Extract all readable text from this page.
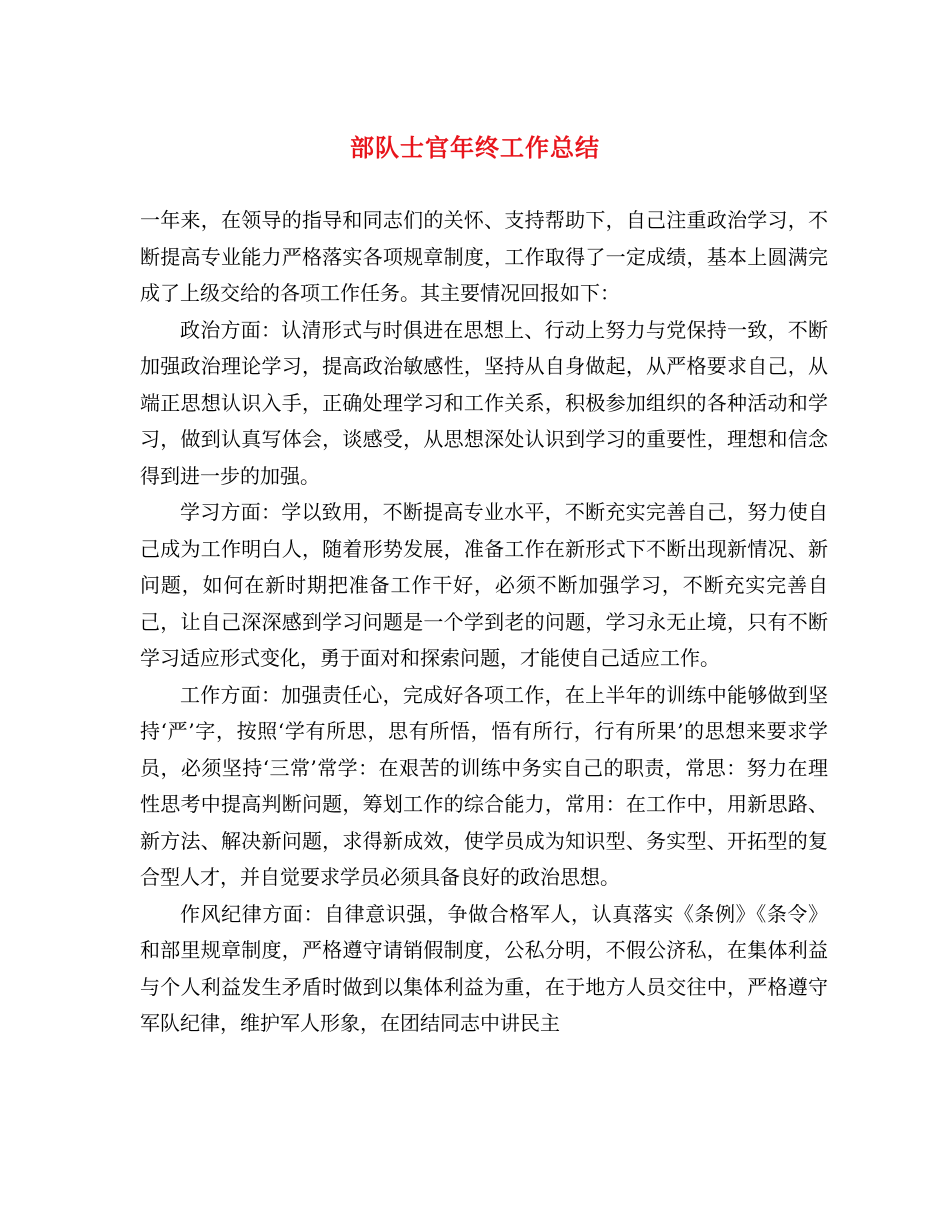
部队士官年终工作总结

一年来，在领导的指导和同志们的关怀、支持帮助下，自己注重政治学习，不断提高专业能力严格落实各项规章制度，工作取得了一定成绩，基本上圆满完成了上级交给的各项工作任务。其主要情况回报如下：

政治方面：认清形式与时俱进在思想上、行动上努力与党保持一致，不断加强政治理论学习，提高政治敏感性，坚持从自身做起，从严格要求自己，从端正思想认识入手，正确处理学习和工作关系，积极参加组织的各种活动和学习，做到认真写体会，谈感受，从思想深处认识到学习的重要性，理想和信念得到进一步的加强。

学习方面：学以致用，不断提高专业水平，不断充实完善自己，努力使自己成为工作明白人，随着形势发展，准备工作在新形式下不断出现新情况、新问题，如何在新时期把准备工作干好，必须不断加强学习，不断充实完善自己，让自己深深感到学习问题是一个学到老的问题，学习永无止境，只有不断学习适应形式变化，勇于面对和探索问题，才能使自己适应工作。

工作方面：加强责任心，完成好各项工作，在上半年的训练中能够做到坚持‘严’字，按照‘学有所思，思有所悟，悟有所行，行有所果’的思想来要求学员，必须坚持‘三常’常学：在艰苦的训练中务实自己的职责，常思：努力在理性思考中提高判断问题，筹划工作的综合能力，常用：在工作中，用新思路、新方法、解决新问题，求得新成效，使学员成为知识型、务实型、开拓型的复合型人才，并自觉要求学员必须具备良好的政治思想。

作风纪律方面：自律意识强，争做合格军人，认真落实《条例》《条令》和部里规章制度，严格遵守请销假制度，公私分明，不假公济私，在集体利益与个人利益发生矛盾时做到以集体利益为重，在于地方人员交往中，严格遵守军队纪律，维护军人形象，在团结同志中讲民主
